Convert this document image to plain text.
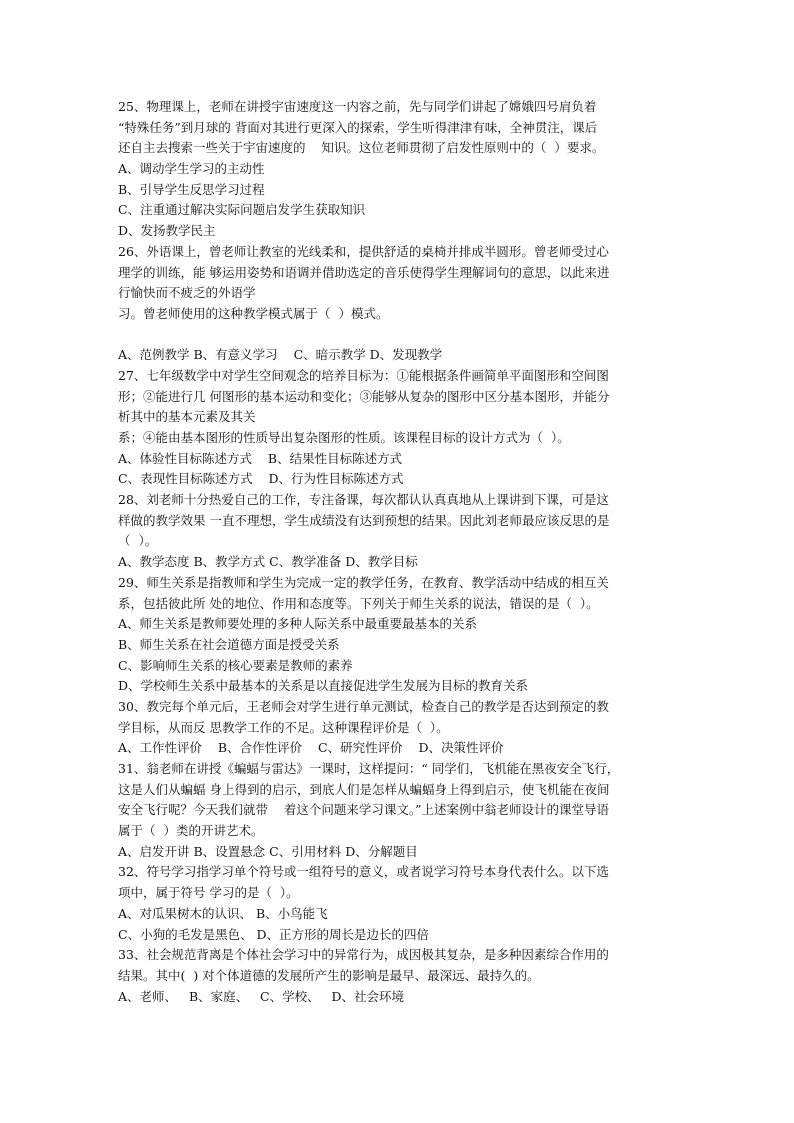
25、物理课上，老师在讲授宇宙速度这一内容之前，先与同学们讲起了嫦娥四号肩负着
“特殊任务”到月球的 背面对其进行更深入的探索，学生听得津津有味，全神贯注，课后
还自主去搜索一些关于宇宙速度的    知识。这位老师贯彻了启发性原则中的（  ）要求。
A、调动学生学习的主动性
B、引导学生反思学习过程
C、注重通过解决实际问题启发学生获取知识
D、发扬教学民主
26、外语课上，曾老师让教室的光线柔和，提供舒适的桌椅并排成半圆形。曾老师受过心
理学的训练，能 够运用姿势和语调并借助选定的音乐使得学生理解词句的意思，以此来进
行愉快而不疲乏的外语学
习。曾老师使用的这种教学模式属于（  ）模式。
A、范例教学 B、有意义学习    C、暗示教学 D、发现教学
27、七年级数学中对学生空间观念的培养目标为：①能根据条件画简单平面图形和空间图
形；②能进行几 何图形的基本运动和变化；③能够从复杂的图形中区分基本图形，并能分
析其中的基本元素及其关
系；④能由基本图形的性质导出复杂图形的性质。该课程目标的设计方式为（  ）。
A、体验性目标陈述方式    B、结果性目标陈述方式
C、表现性目标陈述方式    D、行为性目标陈述方式
28、刘老师十分热爱自己的工作，专注备课，每次都认认真真地从上课讲到下课，可是这
样做的教学效果 一直不理想，学生成绩没有达到预想的结果。因此刘老师最应该反思的是
（  ）。
A、教学态度 B、教学方式 C、教学准备 D、教学目标
29、师生关系是指教师和学生为完成一定的教学任务，在教育、教学活动中结成的相互关
系，包括彼此所 处的地位、作用和态度等。下列关于师生关系的说法，错误的是（  ）。
A、师生关系是教师要处理的多种人际关系中最重要最基本的关系
B、师生关系在社会道德方面是授受关系
C、影响师生关系的核心要素是教师的素养
D、学校师生关系中最基本的关系是以直接促进学生发展为目标的教育关系
30、教完每个单元后，王老师会对学生进行单元测试，检查自己的教学是否达到预定的教
学目标，从而反 思教学工作的不足。这种课程评价是（  ）。
A、工作性评价    B、合作性评价    C、研究性评价    D、决策性评价
31、翁老师在讲授《蝙蝠与雷达》一课时，这样提问：“ 同学们，飞机能在黑夜安全飞行，
这是人们从蝙蝠 身上得到的启示，到底人们是怎样从蝙蝠身上得到启示，使飞机能在夜间
安全飞行呢？今天我们就带    着这个问题来学习课文。”上述案例中翁老师设计的课堂导语
属于（  ）类的开讲艺术。
A、启发开讲 B、设置悬念 C、引用材料 D、分解题目
32、符号学习指学习单个符号或一组符号的意义，或者说学习符号本身代表什么。以下选
项中，属于符号 学习的是（  ）。
A、对瓜果树木的认识、 B、小鸟能飞
C、小狗的毛发是黑色、 D、正方形的周长是边长的四倍
33、社会规范背离是个体社会学习中的异常行为，成因极其复杂，是多种因素综合作用的
结果。其中(  ) 对个体道德的发展所产生的影响是最早、最深远、最持久的。
A、老师、   B、家庭、   C、学校、   D、社会环境
